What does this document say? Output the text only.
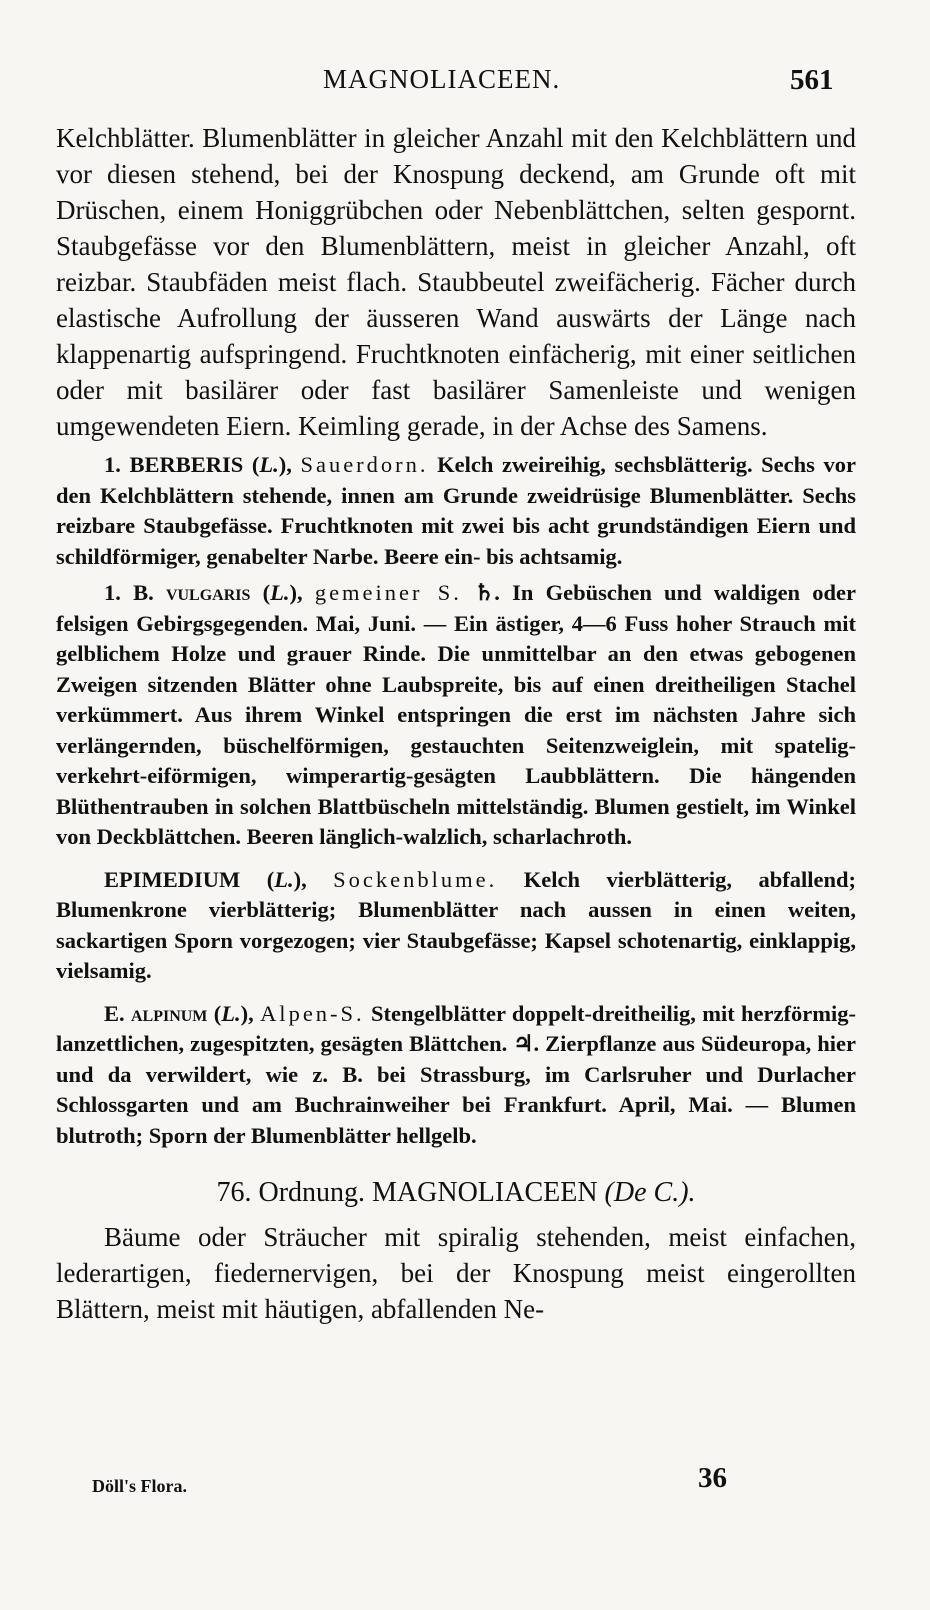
MAGNOLIACEEN.	561

Kelchblätter. Blumenblätter in gleicher Anzahl mit den Kelchblättern und vor diesen stehend, bei der Knospung deckend, am Grunde oft mit Drüschen, einem Honiggrübchen oder Nebenblättchen, selten gespornt. Staubgefässe vor den Blumenblättern, meist in gleicher Anzahl, oft reizbar. Staubfäden meist flach. Staubbeutel zweifächerig. Fächer durch elastische Aufrollung der äusseren Wand auswärts der Länge nach klappenartig aufspringend. Fruchtknoten einfächerig, mit einer seitlichen oder mit basilärer oder fast basilärer Samenleiste und wenigen umgewendeten Eiern. Keimling gerade, in der Achse des Samens.

1. BERBERIS (L.), Sauerdorn. Kelch zweireihig, sechsblätterig. Sechs vor den Kelchblättern stehende, innen am Grunde zweidrüsige Blumenblätter. Sechs reizbare Staubgefässe. Fruchtknoten mit zwei bis acht grundständigen Eiern und schildförmiger, genabelter Narbe. Beere ein- bis achtsamig.

1. B. vulgaris (L.), gemeiner S. ♄. In Gebüschen und waldigen oder felsigen Gebirgsgegenden. Mai, Juni. — Ein ästiger, 4—6 Fuss hoher Strauch mit gelblichem Holze und grauer Rinde. Die unmittelbar an den etwas gebogenen Zweigen sitzenden Blätter ohne Laubspreite, bis auf einen dreitheiligen Stachel verkümmert. Aus ihrem Winkel entspringen die erst im nächsten Jahre sich verlängernden, büschelförmigen, gestauchten Seitenzweiglein, mit spatelig-verkehrt-eiförmigen, wimperartig-gesägten Laubblättern. Die hängenden Blüthentrauben in solchen Blattbüscheln mittelständig. Blumen gestielt, im Winkel von Deckblättchen. Beeren länglich-walzlich, scharlachroth.

EPIMEDIUM (L.), Sockenblume. Kelch vierblätterig, abfallend; Blumenkrone vierblätterig; Blumenblätter nach aussen in einen weiten, sackartigen Sporn vorgezogen; vier Staubgefässe; Kapsel schotenartig, einklappig, vielsamig.

E. alpinum (L.), Alpen-S. Stengelblätter doppelt-dreitheilig, mit herzförmig-lanzettlichen, zugespitzten, gesägten Blättchen. ♃. Zierpflanze aus Südeuropa, hier und da verwildert, wie z. B. bei Strassburg, im Carlsruher und Durlacher Schlossgarten und am Buchrainweiher bei Frankfurt. April, Mai. — Blumen blutroth; Sporn der Blumenblätter hellgelb.

76. Ordnung. MAGNOLIACEEN (De C.).

Bäume oder Sträucher mit spiralig stehenden, meist einfachen, lederartigen, fiedernervigen, bei der Knospung meist eingerollten Blättern, meist mit häutigen, abfallenden Ne-

Döll's Flora.	36
